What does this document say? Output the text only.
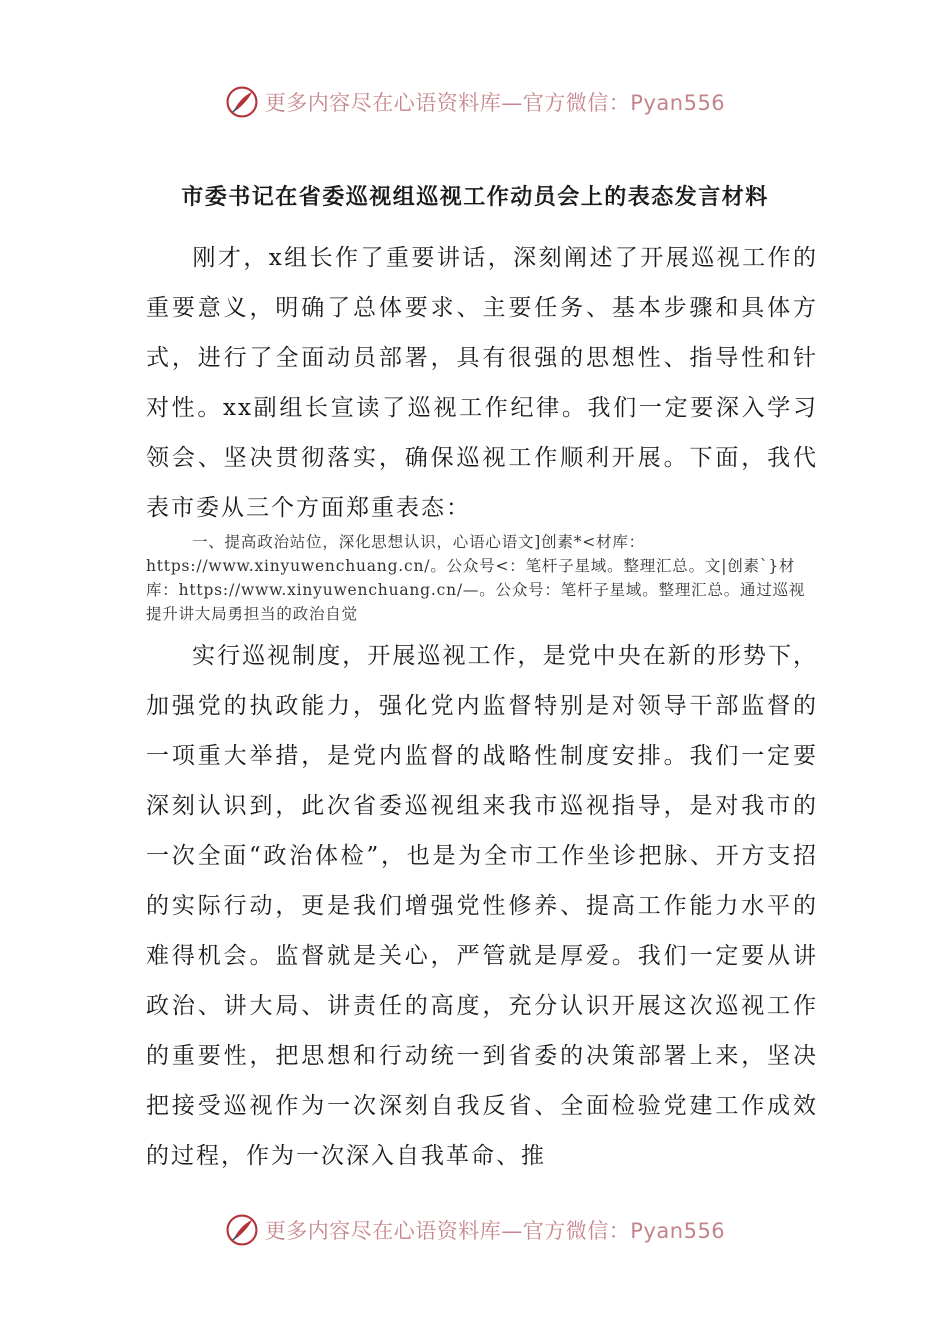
更多内容尽在心语资料库—官方微信：Pyan556
市委书记在省委巡视组巡视工作动员会上的表态发言材料

刚才，x组长作了重要讲话，深刻阐述了开展巡视工作的重要意义，明确了总体要求、主要任务、基本步骤和具体方式，进行了全面动员部署，具有很强的思想性、指导性和针对性。xx副组长宣读了巡视工作纪律。我们一定要深入学习领会、坚决贯彻落实，确保巡视工作顺利开展。下面，我代表市委从三个方面郑重表态：

一、提高政治站位，深化思想认识，心语心语文]创素*<材库：https://www.xinyuwenchuang.cn/。公众号<：笔杆子星域。整理汇总。文|创素`}材库：https://www.xinyuwenchuang.cn/—。公众号：笔杆子星域。整理汇总。通过巡视提升讲大局勇担当的政治自觉

实行巡视制度，开展巡视工作，是党中央在新的形势下，加强党的执政能力，强化党内监督特别是对领导干部监督的一项重大举措，是党内监督的战略性制度安排。我们一定要深刻认识到，此次省委巡视组来我市巡视指导，是对我市的一次全面“政治体检”，也是为全市工作坐诊把脉、开方支招的实际行动，更是我们增强党性修养、提高工作能力水平的难得机会。监督就是关心，严管就是厚爱。我们一定要从讲政治、讲大局、讲责任的高度，充分认识开展这次巡视工作的重要性，把思想和行动统一到省委的决策部署上来，坚决把接受巡视作为一次深刻自我反省、全面检验党建工作成效的过程，作为一次深入自我革命、推

更多内容尽在心语资料库—官方微信：Pyan556
